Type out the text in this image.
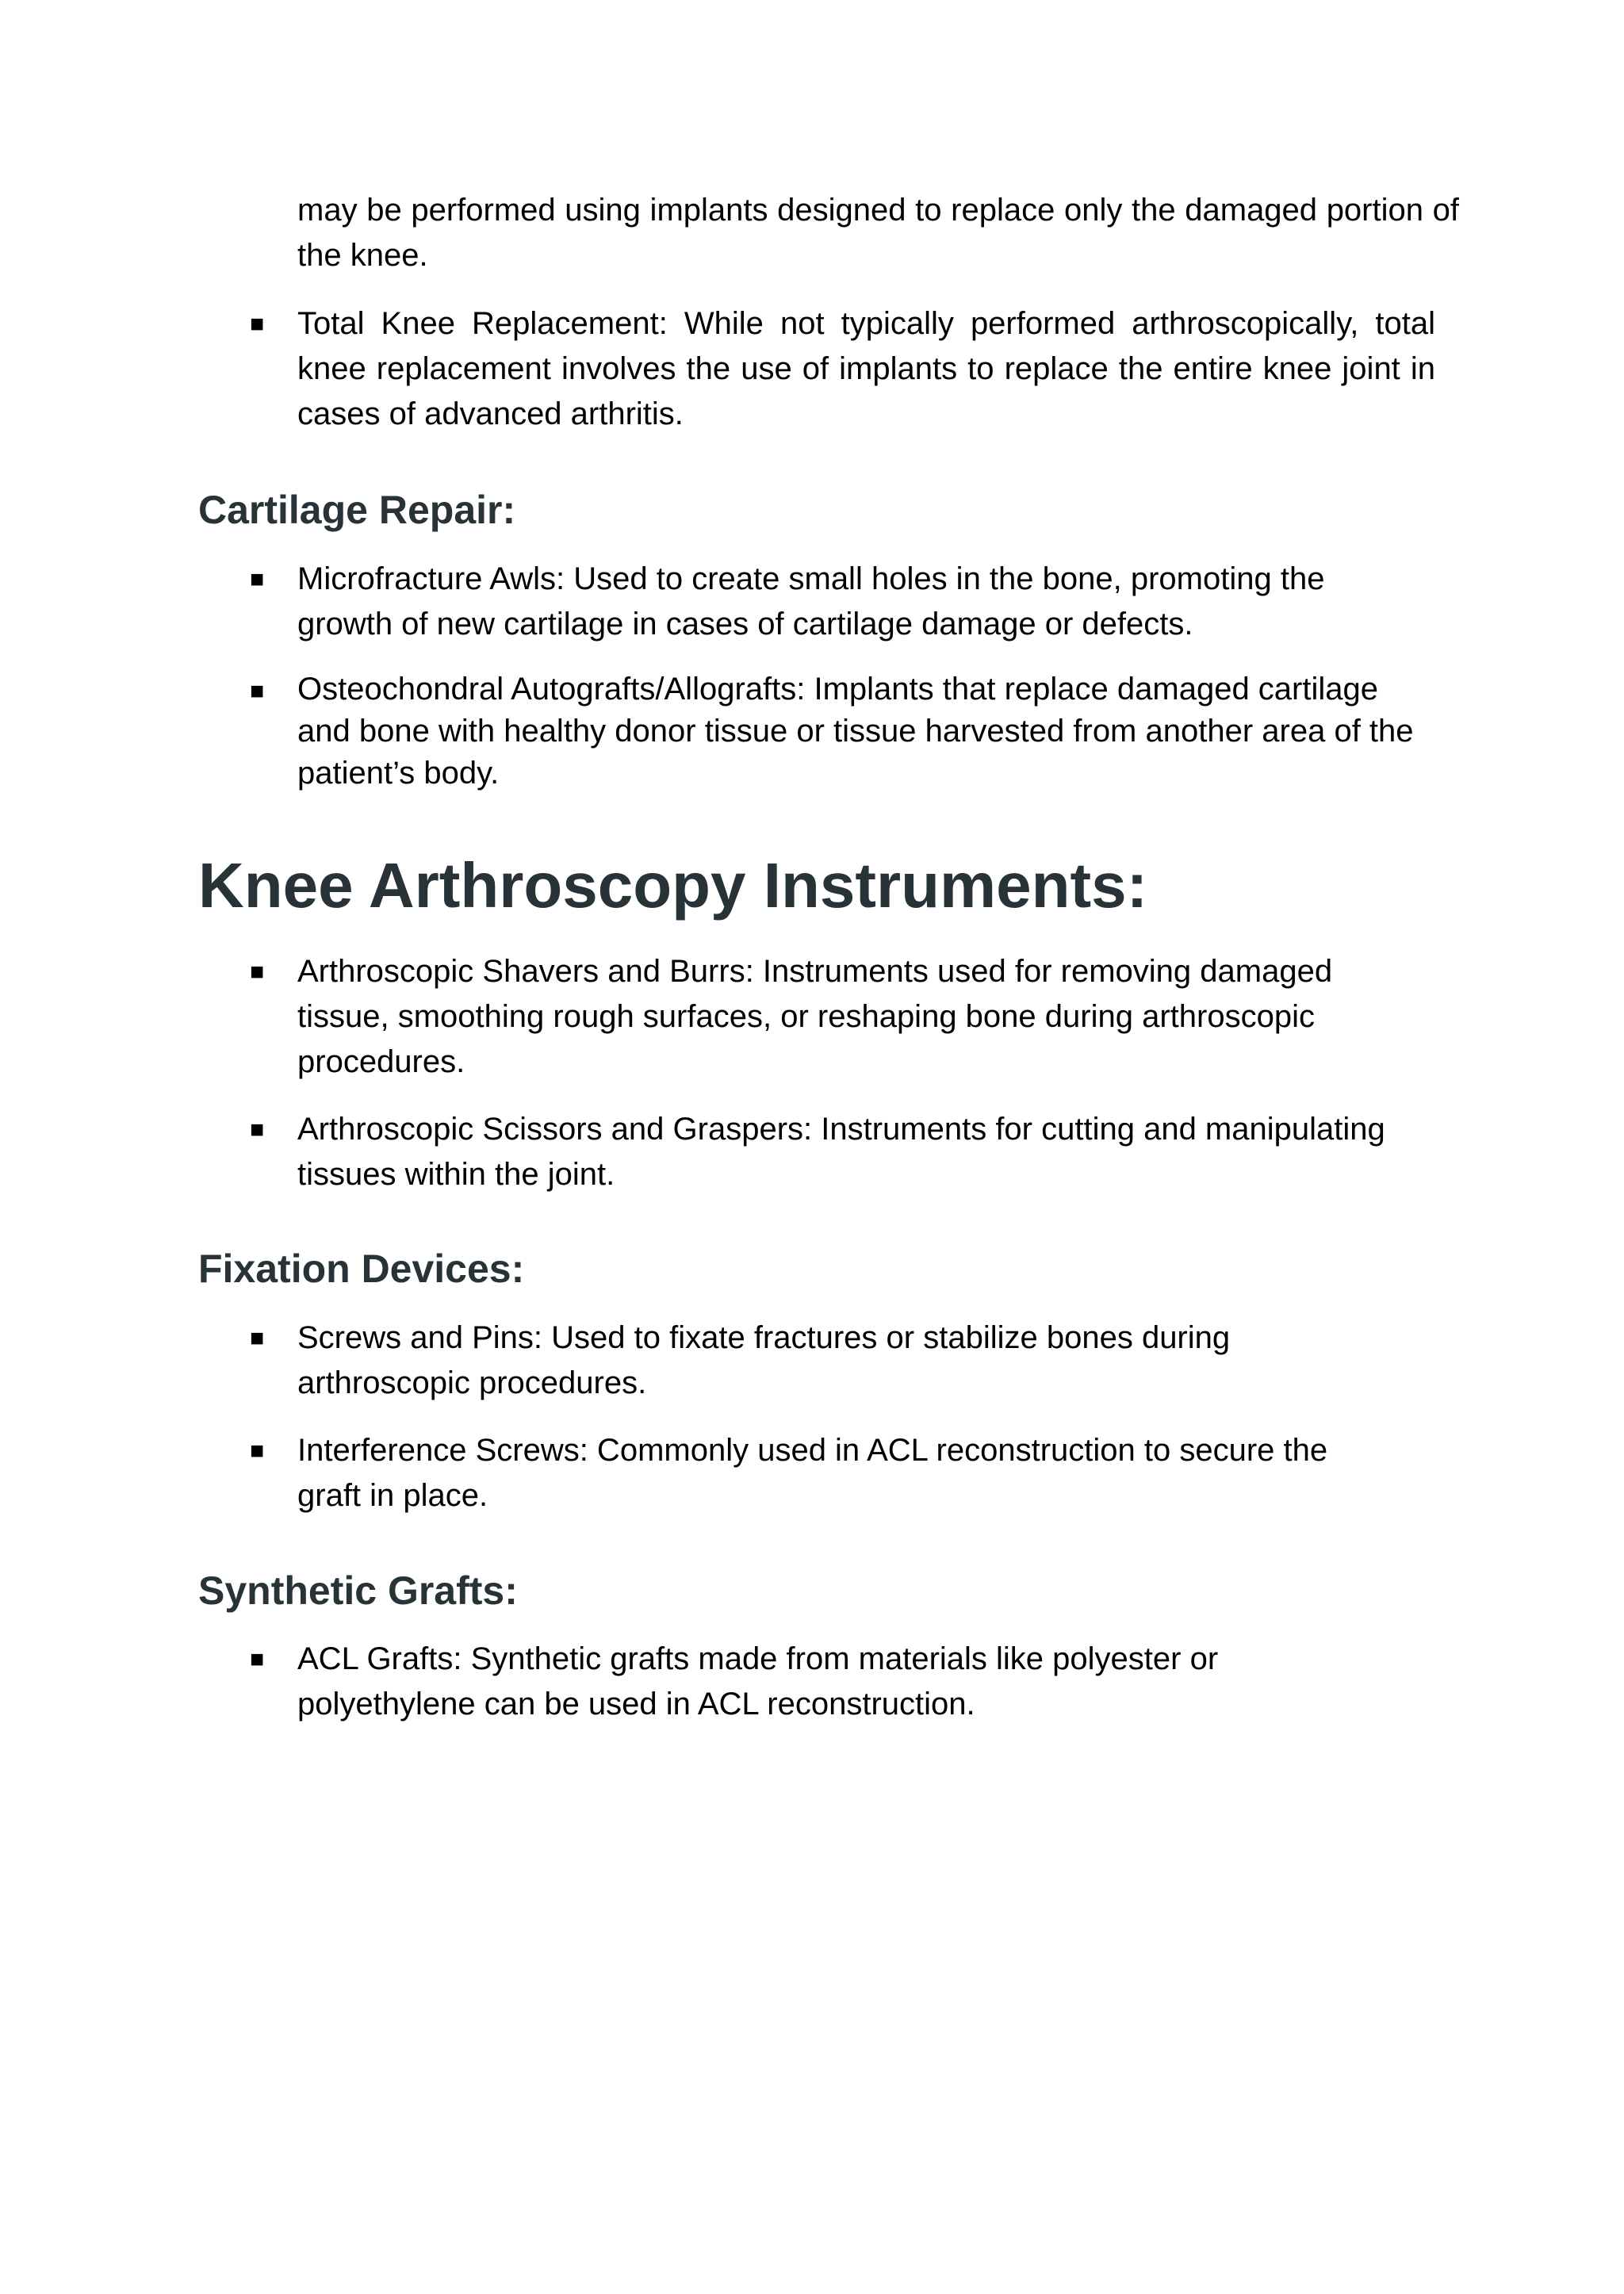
may be performed using implants designed to replace only the damaged portion of the knee.

■ Total Knee Replacement: While not typically performed arthroscopically, total knee replacement involves the use of implants to replace the entire knee joint in cases of advanced arthritis.

Cartilage Repair:
■ Microfracture Awls: Used to create small holes in the bone, promoting the growth of new cartilage in cases of cartilage damage or defects.

■ Osteochondral Autografts/Allografts: Implants that replace damaged cartilage and bone with healthy donor tissue or tissue harvested from another area of the patient’s body.

Knee Arthroscopy Instruments:
■ Arthroscopic Shavers and Burrs: Instruments used for removing damaged tissue, smoothing rough surfaces, or reshaping bone during arthroscopic procedures.

■ Arthroscopic Scissors and Graspers: Instruments for cutting and manipulating tissues within the joint.

Fixation Devices:
■ Screws and Pins: Used to fixate fractures or stabilize bones during arthroscopic procedures.

■ Interference Screws: Commonly used in ACL reconstruction to secure the graft in place.

Synthetic Grafts:
■ ACL Grafts: Synthetic grafts made from materials like polyester or polyethylene can be used in ACL reconstruction.
